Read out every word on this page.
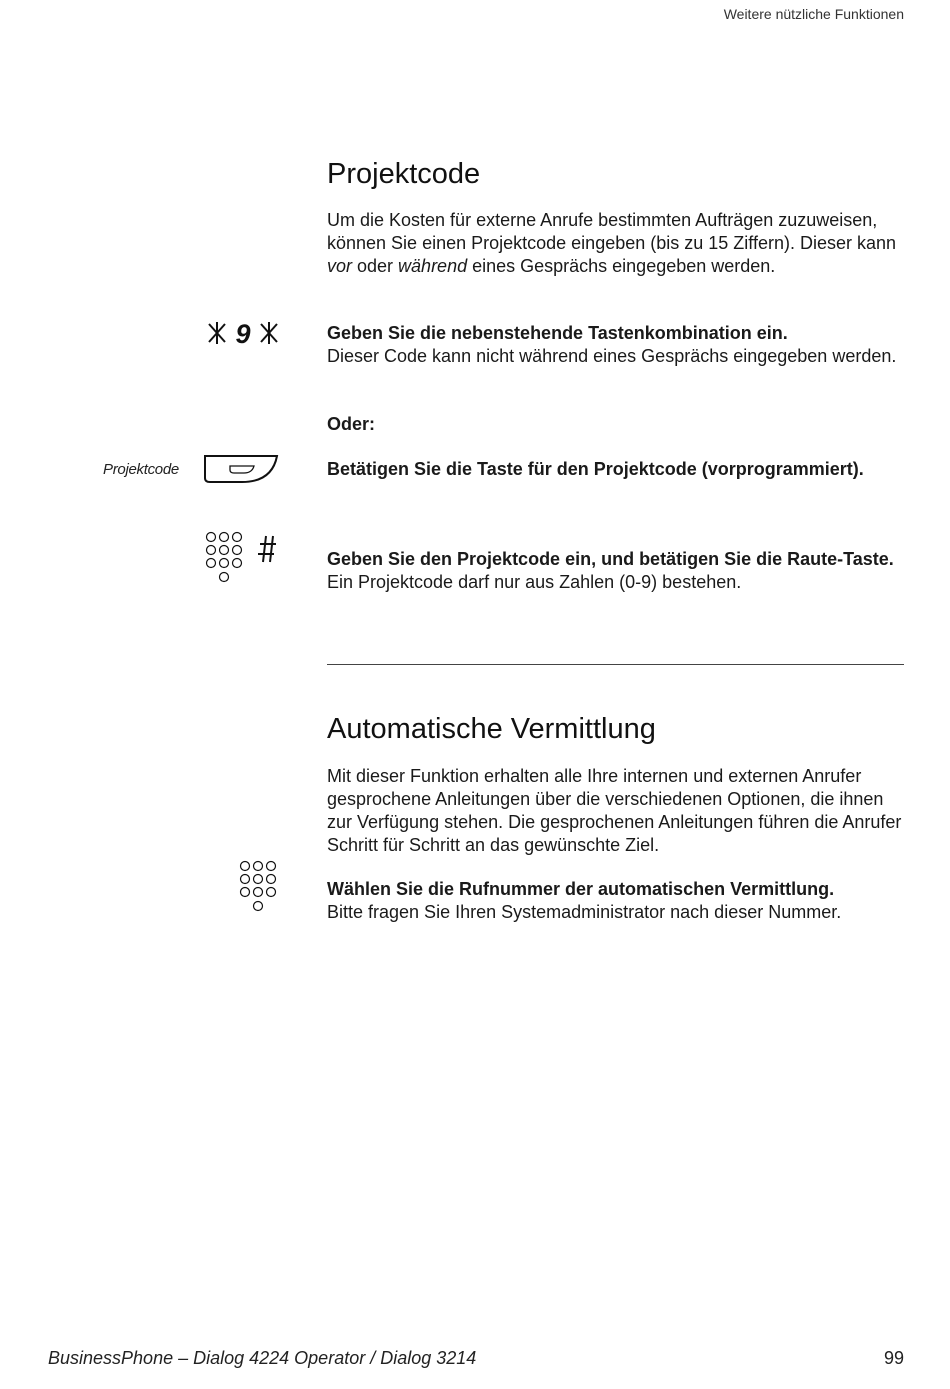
Weitere nützliche Funktionen
Projektcode

Um die Kosten für externe Anrufe bestimmten Aufträgen zuzuweisen, können Sie einen Projektcode eingeben (bis zu 15 Ziffern). Dieser kann vor oder während eines Gesprächs eingegeben werden.

9	Geben Sie die nebenstehende Tastenkombination ein.
Dieser Code kann nicht während eines Gesprächs eingegeben werden.

Oder:

Projektcode	Betätigen Sie die Taste für den Projektcode (vorprogrammiert).

Geben Sie den Projektcode ein, und betätigen Sie die Raute-Taste.
Ein Projektcode darf nur aus Zahlen (0-9) bestehen.

Automatische Vermittlung

Mit dieser Funktion erhalten alle Ihre internen und externen Anrufer gesprochene Anleitungen über die verschiedenen Optionen, die ihnen zur Verfügung stehen. Die gesprochenen Anleitungen führen die Anrufer Schritt für Schritt an das gewünschte Ziel.

Wählen Sie die Rufnummer der automatischen Vermittlung.
Bitte fragen Sie Ihren Systemadministrator nach dieser Nummer.

BusinessPhone – Dialog 4224 Operator / Dialog 3214	99
